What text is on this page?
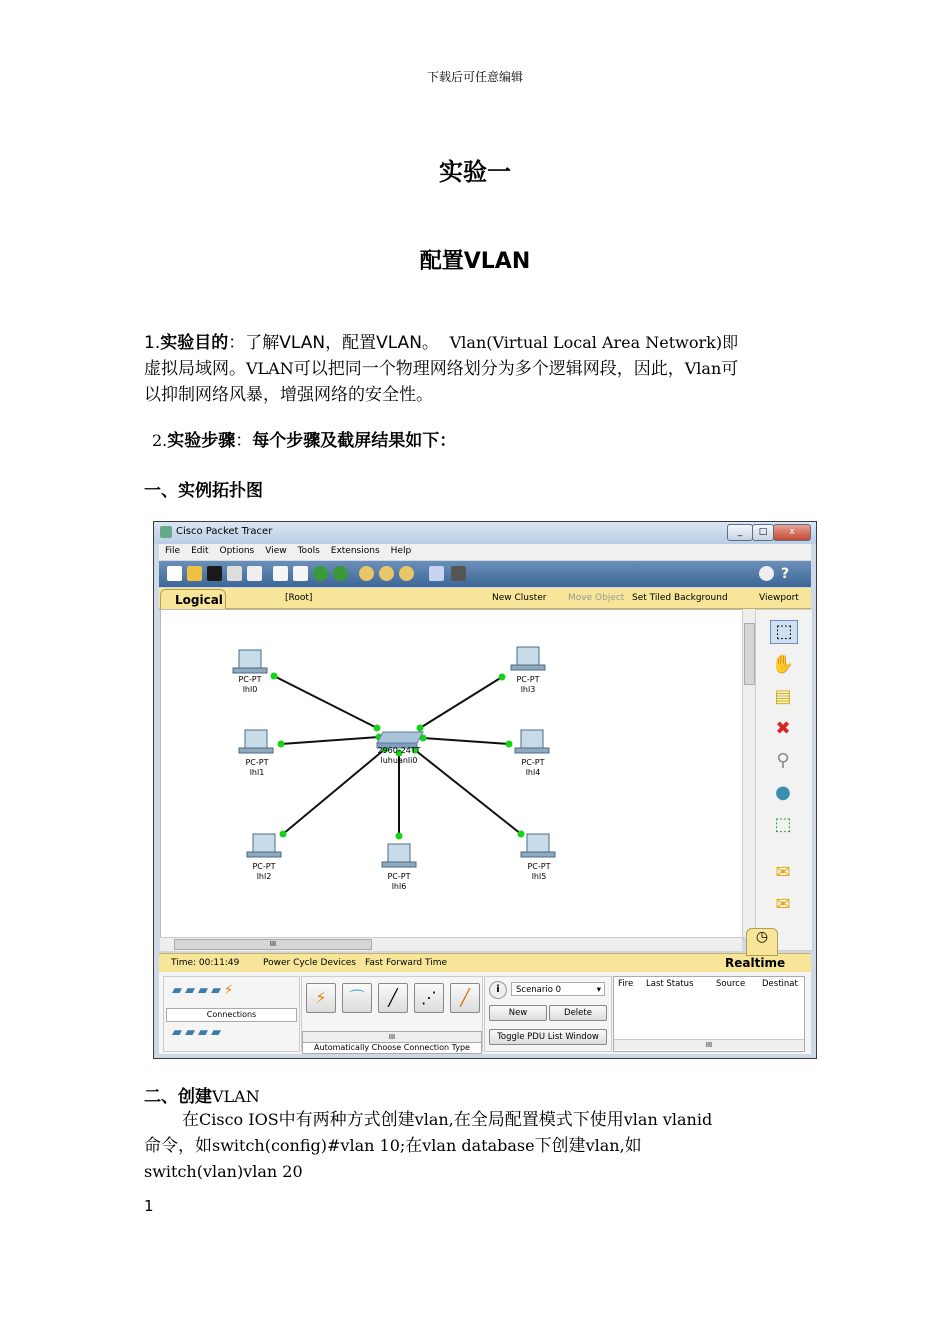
下载后可任意编辑
实验一
配置VLAN
1.实验目的：了解VLAN，配置VLAN。 Vlan(Virtual Local Area Network)即
虚拟局域网。VLAN可以把同一个物理网络划分为多个逻辑网段，因此，Vlan可
以抑制网络风暴，增强网络的安全性。
2.实验步骤：每个步骤及截屏结果如下：
一、实例拓扑图
Cisco Packet Tracer	_	□	x
File Edit Options View Tools Extensions Help
?
[Root]	New Cluster Move Object Set Tiled Background	Viewport
Logical
2960-24TT
luhuanli0
PC-PT
lhl0
PC-PT
lhl3
PC-PT
lhl1
PC-PT
lhl4
PC-PT
lhl2	PC-PT
lhl6
PC-PT
lhl5
III
⬚
✋
▤
✖
⚲
●
⬚
✉
✉
Time: 00:11:49	Power Cycle Devices Fast Forward Time	Realtime
◷
▰▰▰▰⚡
Connections
▰▰▰▰
⚡	⌒	╱	⋰	╱
III
Automatically Choose Connection Type
i	Scenario 0	▾
New	Delete
Toggle PDU List Window
Fire Last Status	Source Destinat
III
二、创建VLAN
在Cisco IOS中有两种方式创建vlan,在全局配置模式下使用vlan vlanid
命令，如switch(config)#vlan 10;在vlan database下创建vlan,如
switch(vlan)vlan 20
1
